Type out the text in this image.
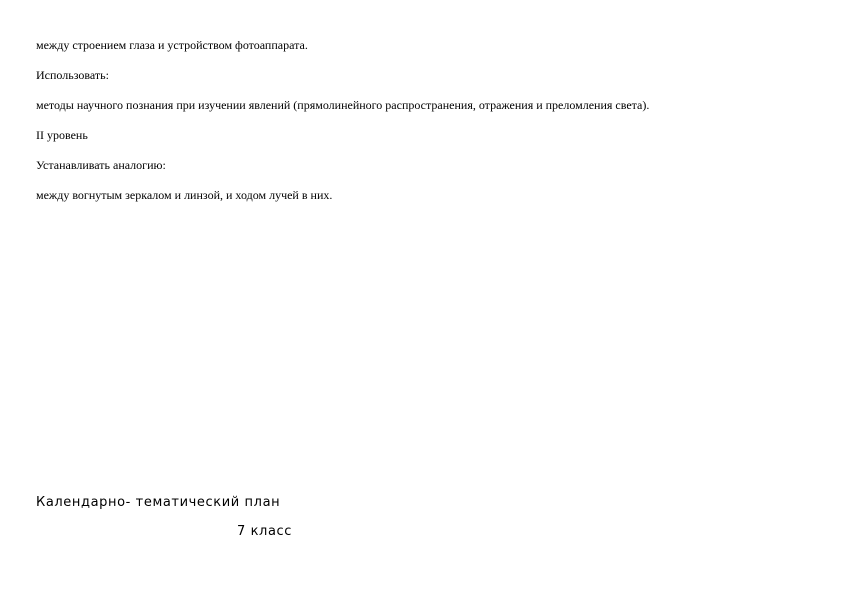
между строением глаза и устройством фотоаппарата.
Использовать:
методы научного познания при изучении явлений (прямолинейного распространения, отражения и преломления света).
II уровень
Устанавливать аналогию:
между вогнутым зеркалом и линзой, и ходом лучей в них.
Календарно- тематический план
7 класс
